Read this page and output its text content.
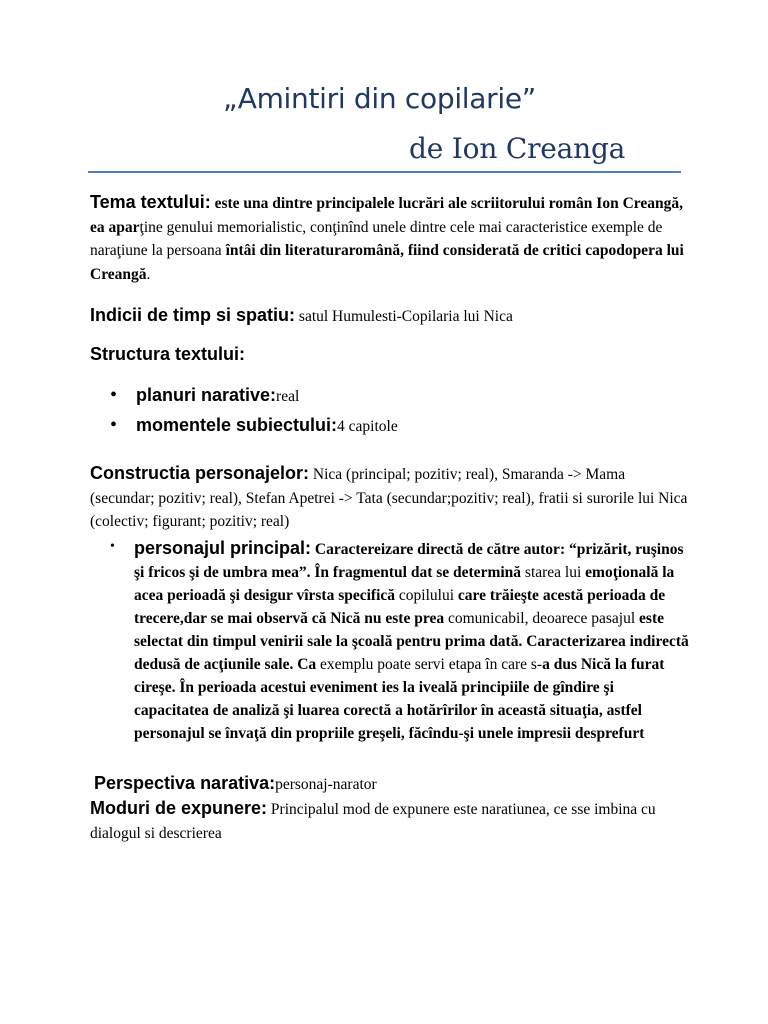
„Amintiri din copilarie”
de Ion Creanga
Tema textului: este una dintre principalele lucrări ale scriitorului român Ion Creangă, ea aparţine genului memorialistic, conţinînd unele dintre cele mai caracteristice exemple de naraţiune la persoana întâi din literaturaromână, fiind considerată de critici capodopera lui Creangă.
Indicii de timp si spatiu: satul Humulesti-Copilaria lui Nica
Structura textului:
• planuri narative:real
• momentele subiectului:4 capitole
Constructia personajelor: Nica (principal; pozitiv; real), Smaranda -> Mama (secundar; pozitiv; real), Stefan Apetrei -> Tata (secundar;pozitiv; real), fratii si surorile lui Nica (colectiv; figurant; pozitiv; real)
• personajul principal: Caractereizare directă de către autor: “prizărit, ruşinos şi fricos şi de umbra mea”. În fragmentul dat se determină starea lui emoţională la acea perioadă şi desigur vîrsta specifică copilului care trăieşte acestă perioada de trecere,dar se mai observă că Nică nu este prea comunicabil, deoarece pasajul este selectat din timpul venirii sale la şcoală pentru prima dată. Caracterizarea indirectă dedusă de acţiunile sale. Ca exemplu poate servi etapa în care s-a dus Nică la furat cireşe. În perioada acestui eveniment ies la iveală principiile de gîndire şi capacitatea de analiză şi luarea corectă a hotărîrilor în această situaţia, astfel personajul se învaţă din propriile greşeli, făcîndu-şi unele impresii desprefurt
Perspectiva narativa:personaj-narator
Moduri de expunere: Principalul mod de expunere este naratiunea, ce sse imbina cu dialogul si descrierea
